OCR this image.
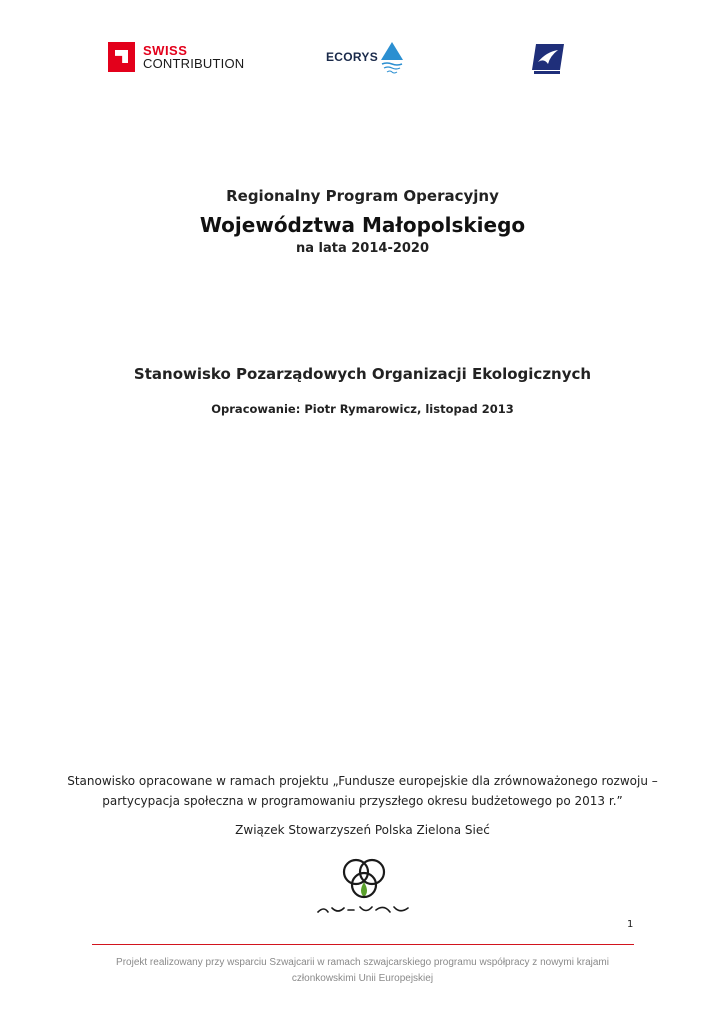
SWISS
CONTRIBUTION	ECORYS
Regionalny Program Operacyjny
Województwa Małopolskiego
na lata 2014-2020
Stanowisko Pozarządowych Organizacji Ekologicznych
Opracowanie: Piotr Rymarowicz, listopad 2013
Stanowisko opracowane w ramach projektu „Fundusze europejskie dla zrównoważonego rozwoju –
partycypacja społeczna w programowaniu przyszłego okresu budżetowego po 2013 r.”
Związek Stowarzyszeń Polska Zielona Sieć
1
Projekt realizowany przy wsparciu Szwajcarii w ramach szwajcarskiego programu współpracy z nowymi krajami
członkowskimi Unii Europejskiej
